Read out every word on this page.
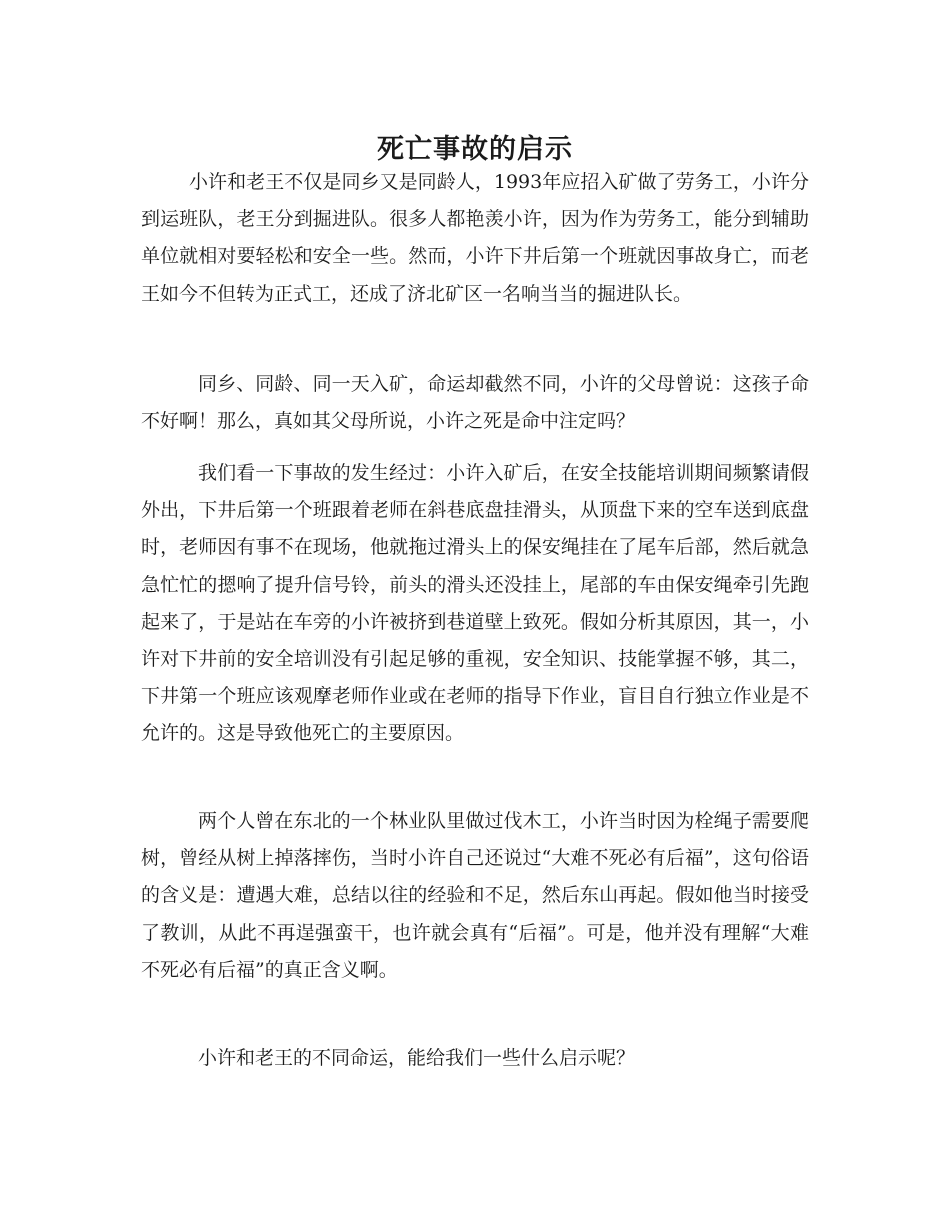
死亡事故的启示

小许和老王不仅是同乡又是同龄人，1993年应招入矿做了劳务工，小许分到运班队，老王分到掘进队。很多人都艳羡小许，因为作为劳务工，能分到辅助单位就相对要轻松和安全一些。然而，小许下井后第一个班就因事故身亡，而老王如今不但转为正式工，还成了济北矿区一名响当当的掘进队长。

同乡、同龄、同一天入矿，命运却截然不同，小许的父母曾说：这孩子命不好啊！那么，真如其父母所说，小许之死是命中注定吗？

我们看一下事故的发生经过：小许入矿后，在安全技能培训期间频繁请假外出，下井后第一个班跟着老师在斜巷底盘挂滑头，从顶盘下来的空车送到底盘时，老师因有事不在现场，他就拖过滑头上的保安绳挂在了尾车后部，然后就急急忙忙的摁响了提升信号铃，前头的滑头还没挂上，尾部的车由保安绳牵引先跑起来了，于是站在车旁的小许被挤到巷道壁上致死。假如分析其原因，其一，小许对下井前的安全培训没有引起足够的重视，安全知识、技能掌握不够，其二，下井第一个班应该观摩老师作业或在老师的指导下作业，盲目自行独立作业是不允许的。这是导致他死亡的主要原因。

两个人曾在东北的一个林业队里做过伐木工，小许当时因为栓绳子需要爬树，曾经从树上掉落摔伤，当时小许自己还说过“大难不死必有后福”，这句俗语的含义是：遭遇大难，总结以往的经验和不足，然后东山再起。假如他当时接受了教训，从此不再逞强蛮干，也许就会真有“后福”。可是，他并没有理解“大难不死必有后福”的真正含义啊。

小许和老王的不同命运，能给我们一些什么启示呢？
